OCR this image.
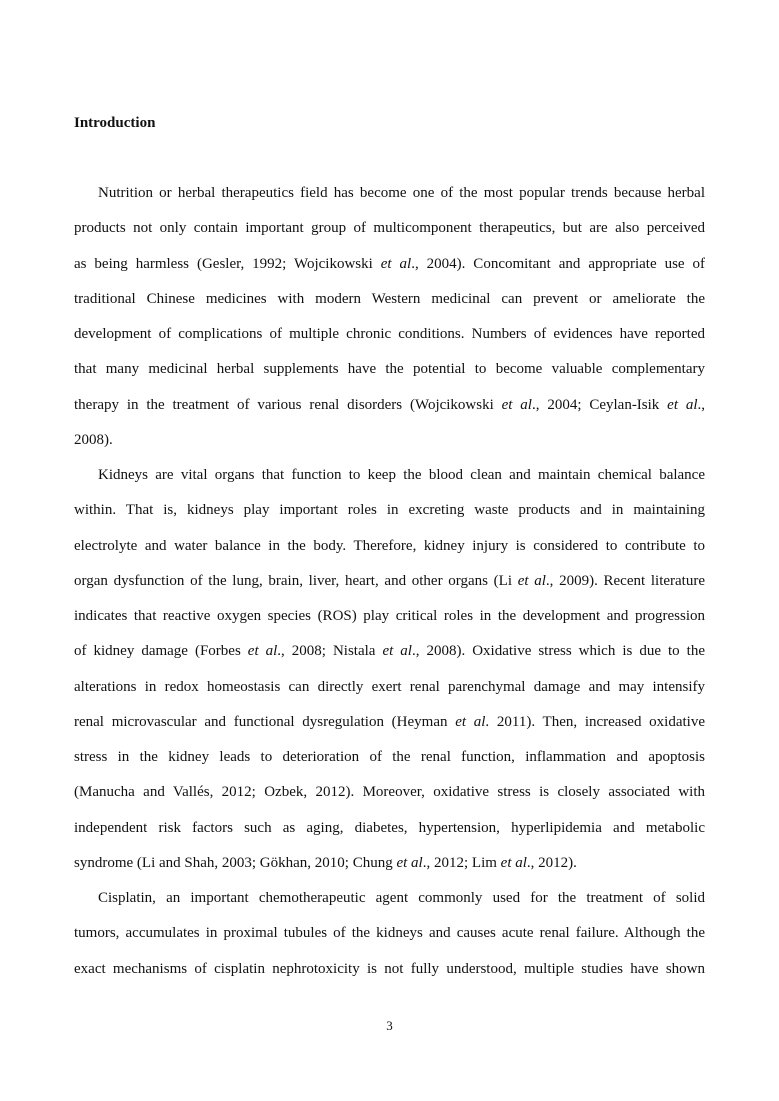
Introduction
Nutrition or herbal therapeutics field has become one of the most popular trends because herbal
products not only contain important group of multicomponent therapeutics, but are also perceived
as being harmless (Gesler, 1992; Wojcikowski et al., 2004). Concomitant and appropriate use of
traditional Chinese medicines with modern Western medicinal can prevent or ameliorate the
development of complications of multiple chronic conditions. Numbers of evidences have reported
that many medicinal herbal supplements have the potential to become valuable complementary
therapy in the treatment of various renal disorders (Wojcikowski et al., 2004; Ceylan-Isik et al.,
2008).
Kidneys are vital organs that function to keep the blood clean and maintain chemical balance
within. That is, kidneys play important roles in excreting waste products and in maintaining
electrolyte and water balance in the body. Therefore, kidney injury is considered to contribute to
organ dysfunction of the lung, brain, liver, heart, and other organs (Li et al., 2009). Recent literature
indicates that reactive oxygen species (ROS) play critical roles in the development and progression
of kidney damage (Forbes et al., 2008; Nistala et al., 2008). Oxidative stress which is due to the
alterations in redox homeostasis can directly exert renal parenchymal damage and may intensify
renal microvascular and functional dysregulation (Heyman et al. 2011). Then, increased oxidative
stress in the kidney leads to deterioration of the renal function, inflammation and apoptosis
(Manucha and Vallés, 2012; Ozbek, 2012). Moreover, oxidative stress is closely associated with
independent risk factors such as aging, diabetes, hypertension, hyperlipidemia and metabolic
syndrome (Li and Shah, 2003; Gökhan, 2010; Chung et al., 2012; Lim et al., 2012).
Cisplatin, an important chemotherapeutic agent commonly used for the treatment of solid
tumors, accumulates in proximal tubules of the kidneys and causes acute renal failure. Although the
exact mechanisms of cisplatin nephrotoxicity is not fully understood, multiple studies have shown
3
